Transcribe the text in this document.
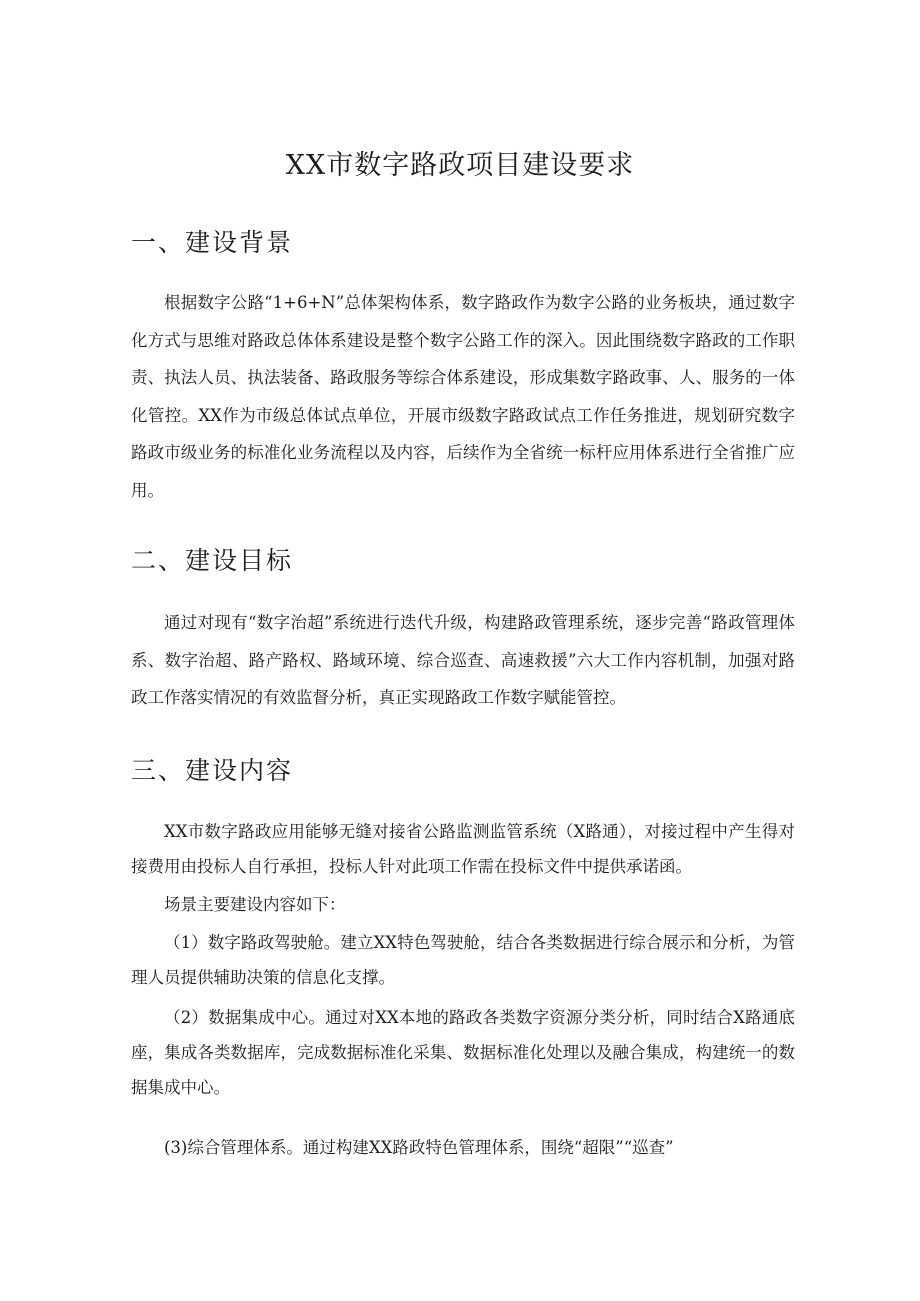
XX市数字路政项目建设要求
一、建设背景

根据数字公路“1+6+N”总体架构体系，数字路政作为数字公路的业务板块，通过数字化方式与思维对路政总体体系建设是整个数字公路工作的深入。因此围绕数字路政的工作职责、执法人员、执法装备、路政服务等综合体系建设，形成集数字路政事、人、服务的一体化管控。XX作为市级总体试点单位，开展市级数字路政试点工作任务推进，规划研究数字路政市级业务的标准化业务流程以及内容，后续作为全省统一标杆应用体系进行全省推广应用。

二、建设目标

通过对现有“数字治超”系统进行迭代升级，构建路政管理系统，逐步完善“路政管理体系、数字治超、路产路权、路域环境、综合巡查、高速救援”六大工作内容机制，加强对路政工作落实情况的有效监督分析，真正实现路政工作数字赋能管控。

三、建设内容

XX市数字路政应用能够无缝对接省公路监测监管系统（X路通），对接过程中产生得对接费用由投标人自行承担，投标人针对此项工作需在投标文件中提供承诺函。

场景主要建设内容如下：

（1）数字路政驾驶舱。建立XX特色驾驶舱，结合各类数据进行综合展示和分析，为管理人员提供辅助决策的信息化支撑。

（2）数据集成中心。通过对XX本地的路政各类数字资源分类分析，同时结合X路通底座，集成各类数据库，完成数据标准化采集、数据标准化处理以及融合集成，构建统一的数据集成中心。

(3)综合管理体系。通过构建XX路政特色管理体系，围绕“超限”“巡查”
